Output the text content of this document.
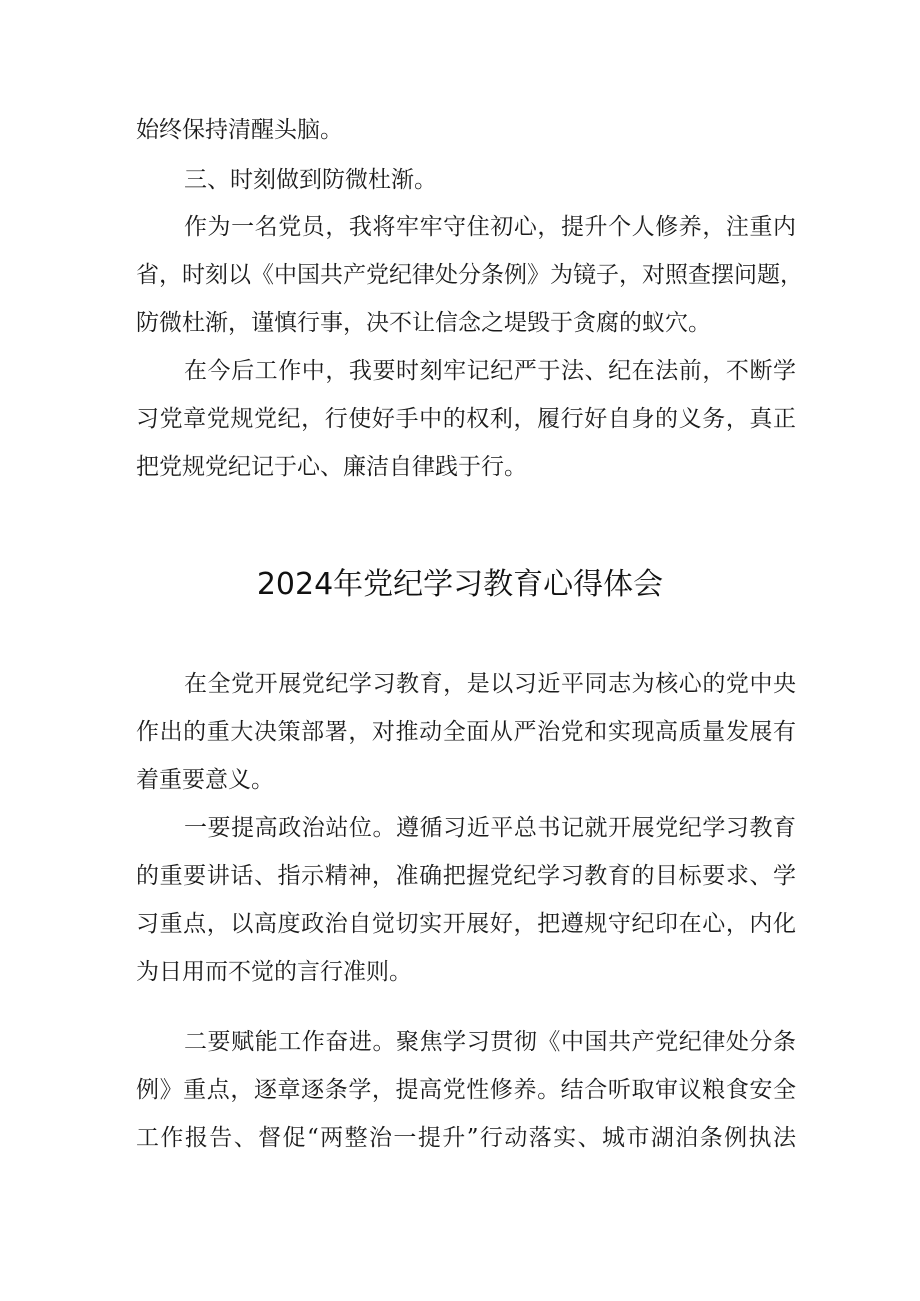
始终保持清醒头脑。
三、时刻做到防微杜渐。
作为一名党员，我将牢牢守住初心，提升个人修养，注重内
省，时刻以《中国共产党纪律处分条例》为镜子，对照查摆问题，
防微杜渐，谨慎行事，决不让信念之堤毁于贪腐的蚁穴。
在今后工作中，我要时刻牢记纪严于法、纪在法前，不断学
习党章党规党纪，行使好手中的权利，履行好自身的义务，真正
把党规党纪记于心、廉洁自律践于行。
2024年党纪学习教育心得体会
在全党开展党纪学习教育，是以习近平同志为核心的党中央
作出的重大决策部署，对推动全面从严治党和实现高质量发展有
着重要意义。
一要提高政治站位。遵循习近平总书记就开展党纪学习教育
的重要讲话、指示精神，准确把握党纪学习教育的目标要求、学
习重点，以高度政治自觉切实开展好，把遵规守纪印在心，内化
为日用而不觉的言行准则。
二要赋能工作奋进。聚焦学习贯彻《中国共产党纪律处分条
例》重点，逐章逐条学，提高党性修养。结合听取审议粮食安全
工作报告、督促“两整治一提升”行动落实、城市湖泊条例执法
